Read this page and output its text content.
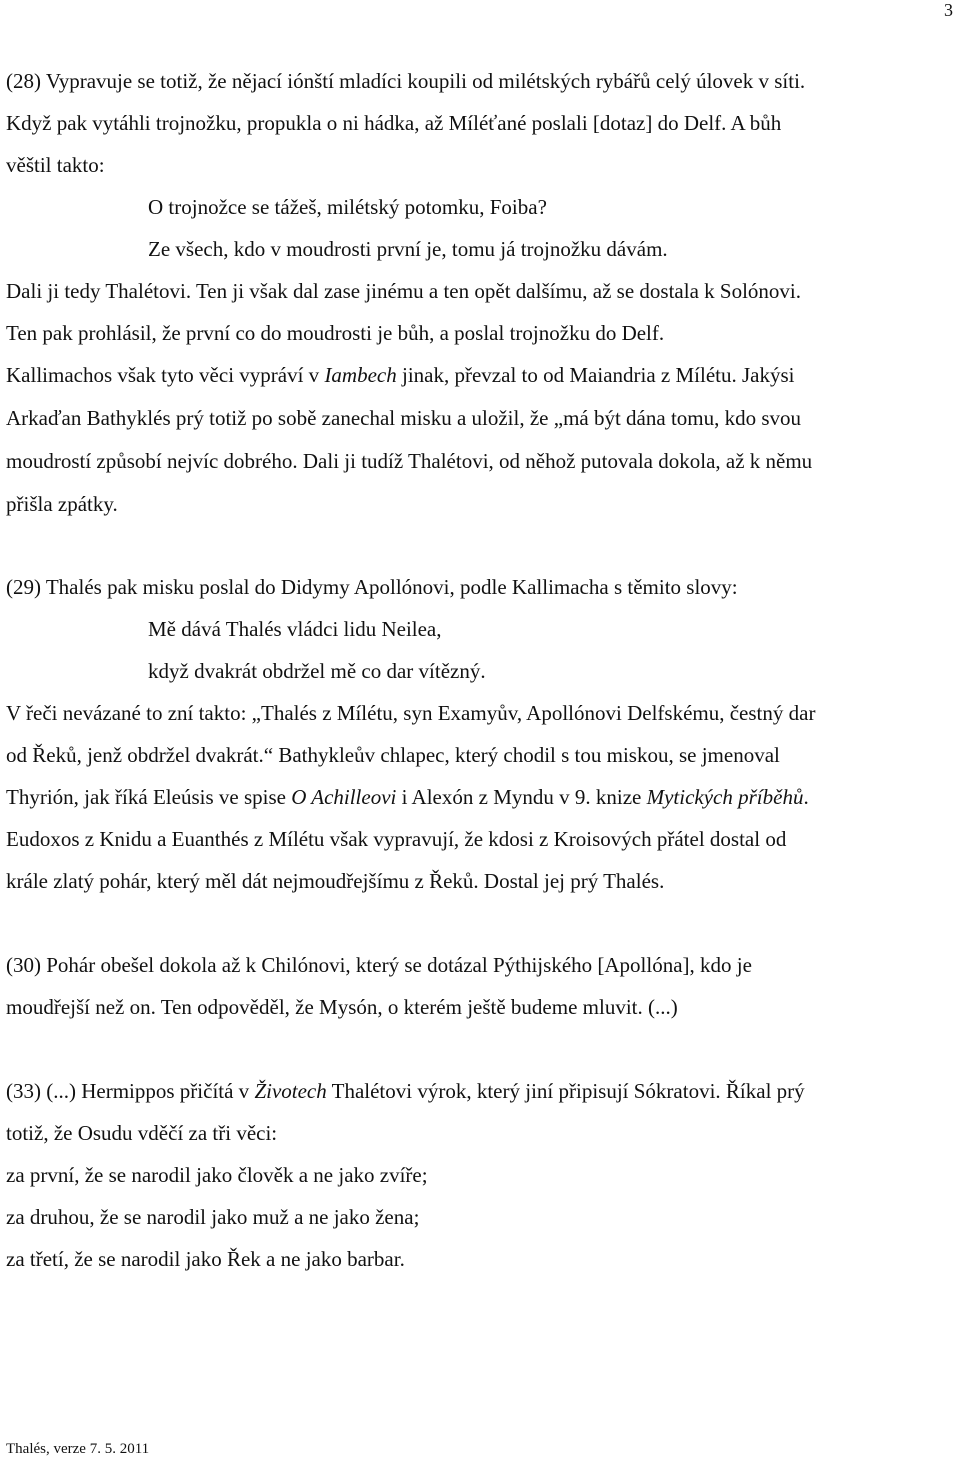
3
(28) Vypravuje se totiž, že nějací iónští mladíci koupili od milétských rybářů celý úlovek v síti.
Když pak vytáhli trojnožku, propukla o ni hádka, až Míléťané poslali [dotaz] do Delf. A bůh
věštil takto:
O trojnožce se tážeš, milétský potomku, Foiba?
Ze všech, kdo v moudrosti první je, tomu já trojnožku dávám.
Dali ji tedy Thalétovi. Ten ji však dal zase jinému a ten opět dalšímu, až se dostala k Solónovi.
Ten pak prohlásil, že první co do moudrosti je bůh, a poslal trojnožku do Delf.
Kallimachos však tyto věci vypráví v Iambech jinak, převzal to od Maiandria z Mílétu. Jakýsi
Arkaďan Bathyklés prý totiž po sobě zanechal misku a uložil, že „má být dána tomu, kdo svou
moudrostí způsobí nejvíc dobrého. Dali ji tudíž Thalétovi, od něhož putovala dokola, až k němu
přišla zpátky.
(29) Thalés pak misku poslal do Didymy Apollónovi, podle Kallimacha s těmito slovy:
Mě dává Thalés vládci lidu Neilea,
když dvakrát obdržel mě co dar vítězný.
V řeči nevázané to zní takto: „Thalés z Mílétu, syn Examyův, Apollónovi Delfskému, čestný dar
od Řeků, jenž obdržel dvakrát.“ Bathykleův chlapec, který chodil s tou miskou, se jmenoval
Thyrión, jak říká Eleúsis ve spise O Achilleovi i Alexón z Myndu v 9. knize Mytických příběhů.
Eudoxos z Knidu a Euanthés z Mílétu však vypravují, že kdosi z Kroisových přátel dostal od
krále zlatý pohár, který měl dát nejmoudřejšímu z Řeků. Dostal jej prý Thalés.
(30) Pohár obešel dokola až k Chilónovi, který se dotázal Pýthijského [Apollóna], kdo je
moudřejší než on. Ten odpověděl, že Mysón, o kterém ještě budeme mluvit. (...)
(33) (...) Hermippos přičítá v Životech Thalétovi výrok, který jiní připisují Sókratovi. Říkal prý
totiž, že Osudu vděčí za tři věci:
za první, že se narodil jako člověk a ne jako zvíře;
za druhou, že se narodil jako muž a ne jako žena;
za třetí, že se narodil jako Řek a ne jako barbar.
Thalés, verze 7. 5. 2011
